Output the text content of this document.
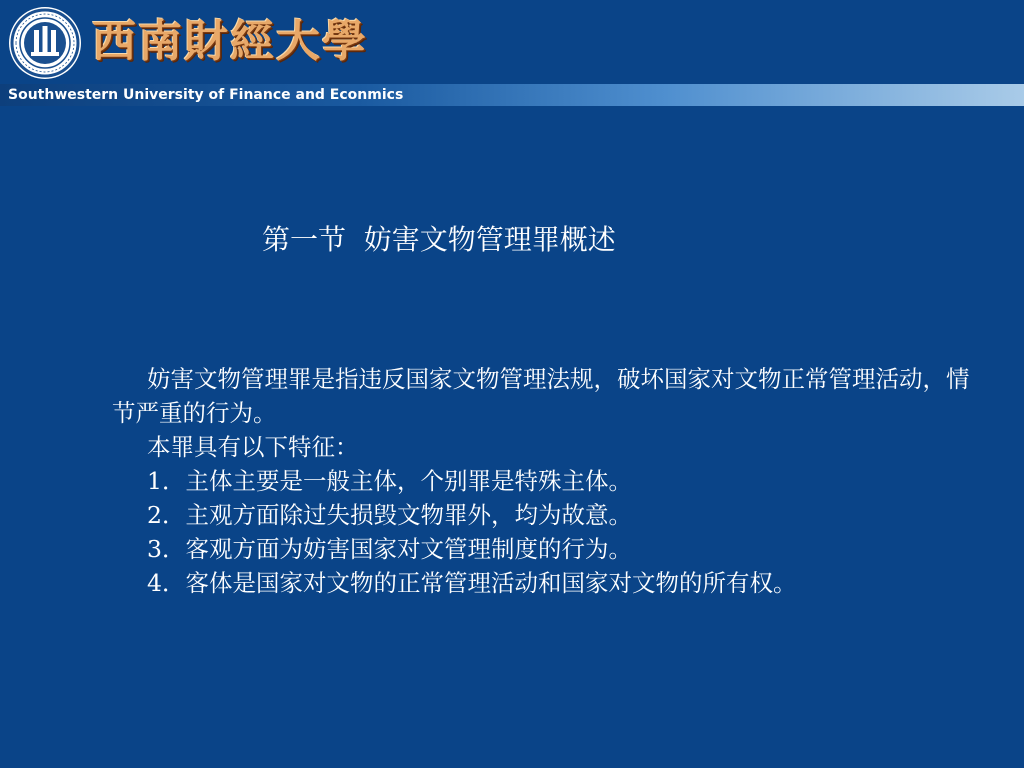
西南財經大學
Southwestern University of Finance and Econmics
第一节  妨害文物管理罪概述

妨害文物管理罪是指违反国家文物管理法规，破坏国家对文物正常管理活动，情节严重的行为。

本罪具有以下特征：

1．主体主要是一般主体，个别罪是特殊主体。

2．主观方面除过失损毁文物罪外，均为故意。

3．客观方面为妨害国家对文管理制度的行为。

4．客体是国家对文物的正常管理活动和国家对文物的所有权。
